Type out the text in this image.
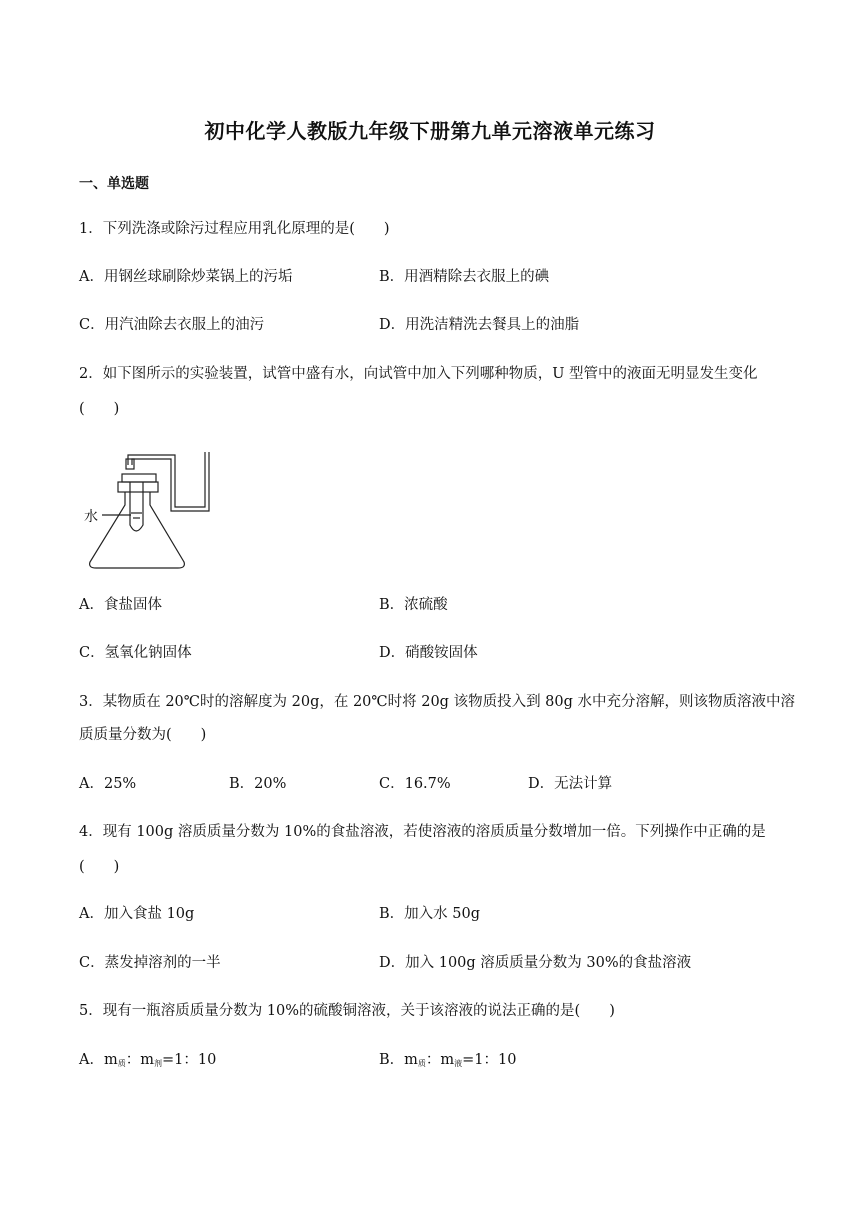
初中化学人教版九年级下册第九单元溶液单元练习
一、单选题
1．下列洗涤或除污过程应用乳化原理的是(　　)
A．用钢丝球刷除炒菜锅上的污垢	B．用酒精除去衣服上的碘
C．用汽油除去衣服上的油污	D．用洗洁精洗去餐具上的油脂
2．如下图所示的实验装置，试管中盛有水，向试管中加入下列哪种物质，U 型管中的液面无明显发生变化
(　　)
水
A．食盐固体	B．浓硫酸
C．氢氧化钠固体	D．硝酸铵固体
3．某物质在 20℃时的溶解度为 20g，在 20℃时将 20g 该物质投入到 80g 水中充分溶解，则该物质溶液中溶
质质量分数为(　　)
A．25%	B．20%	C．16.7%	D．无法计算
4．现有 100g 溶质质量分数为 10%的食盐溶液，若使溶液的溶质质量分数增加一倍。下列操作中正确的是
(　　)
A．加入食盐 10g	B．加入水 50g
C．蒸发掉溶剂的一半	D．加入 100g 溶质质量分数为 30%的食盐溶液
5．现有一瓶溶质质量分数为 10%的硫酸铜溶液，关于该溶液的说法正确的是(　　)
A．$m_质$：$m_剂=1$：10	B．$m_质$：$m_液=1$：10
